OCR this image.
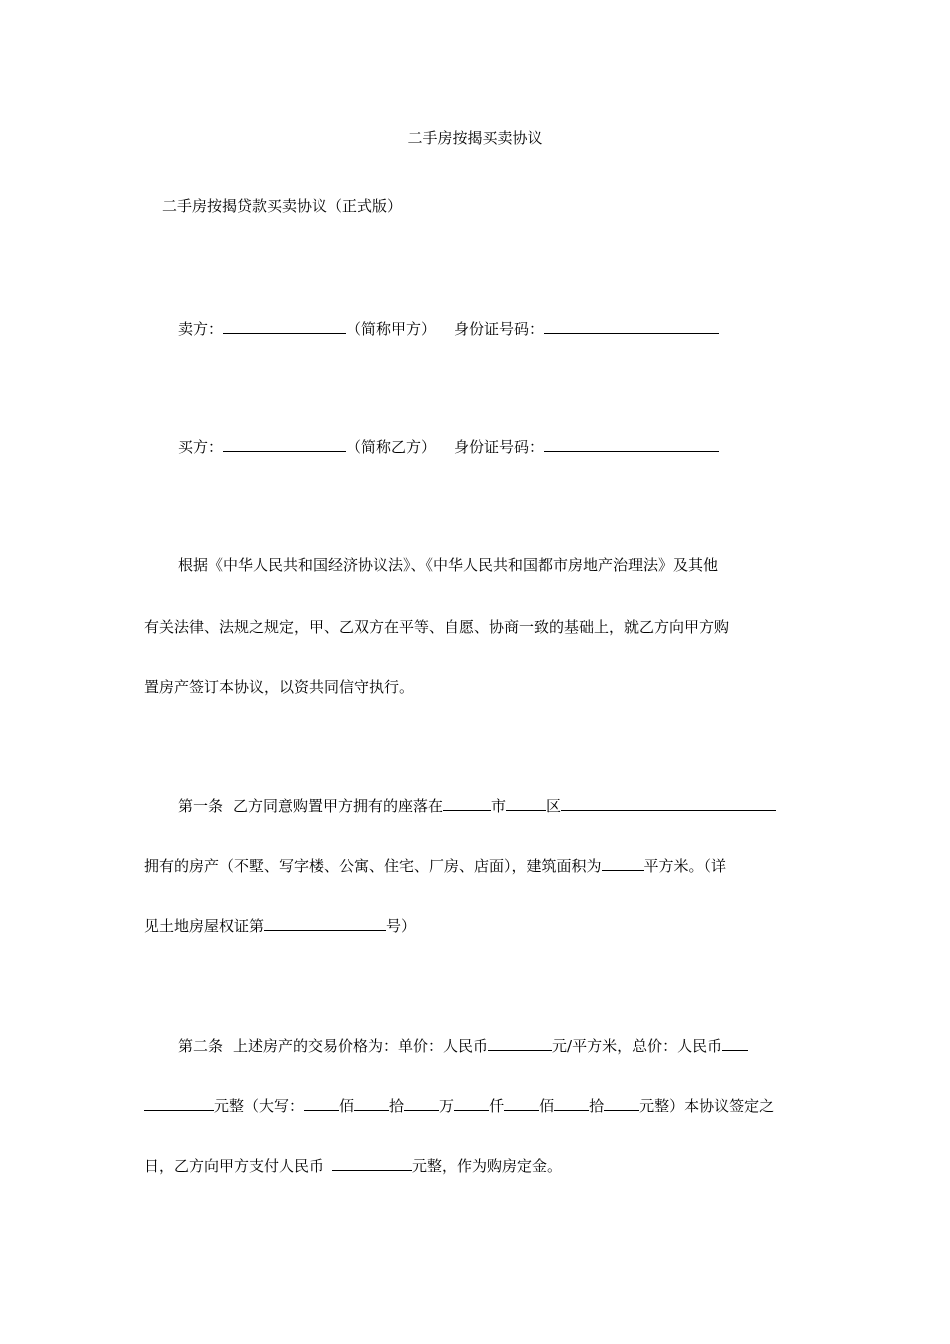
二手房按揭买卖协议
二手房按揭贷款买卖协议（正式版）
卖方：	（简称甲方） 身份证号码：
买方：	（简称乙方） 身份证号码：
根据《中华人民共和国经济协议法》、《中华人民共和国都市房地产治理法》及其他
有关法律、法规之规定，甲、乙双方在平等、自愿、协商一致的基础上，就乙方向甲方购
置房产签订本协议，以资共同信守执行。
第一条 乙方同意购置甲方拥有的座落在	市	区
拥有的房产（不墅、写字楼、公寓、住宅、厂房、店面），建筑面积为	平方米。（详
见土地房屋权证第	号）
第二条 上述房产的交易价格为：单价：人民币	元/平方米，总价：人民币
元整（大写： 佰 拾 万 仟 佰 拾 元整）本协议签定之
日，乙方向甲方支付人民币	元整，作为购房定金。
